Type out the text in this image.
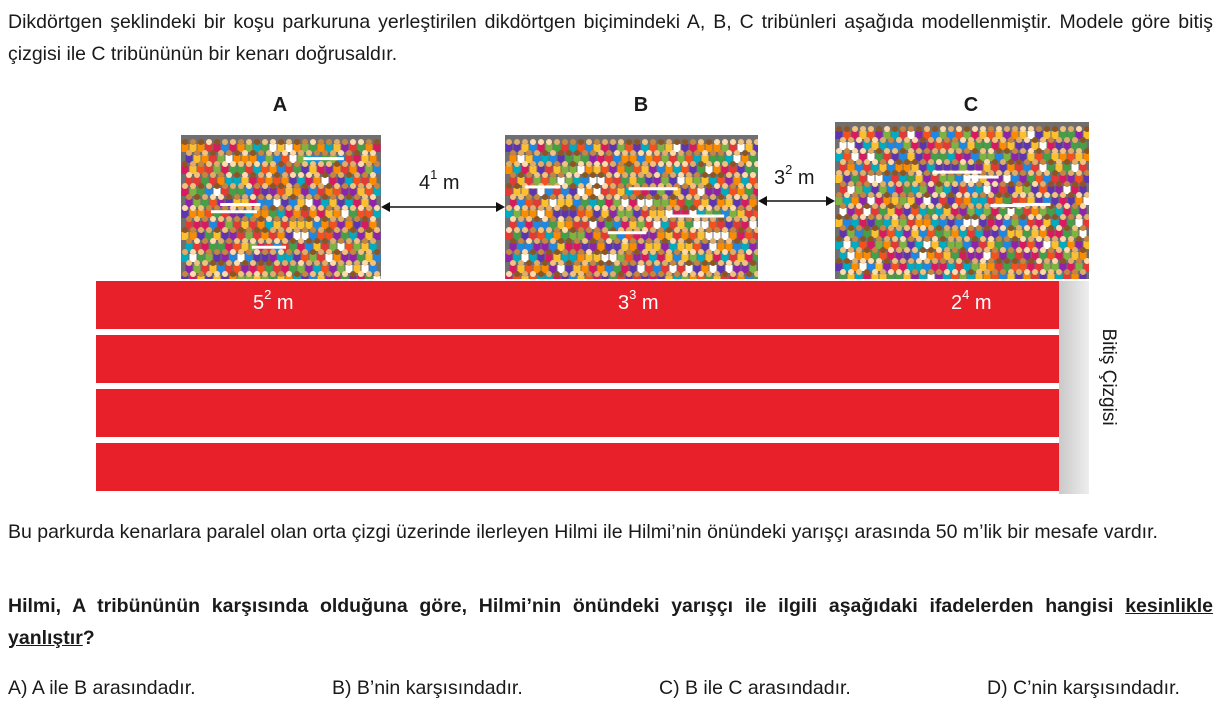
Dikdörtgen şeklindeki bir koşu parkuruna yerleştirilen dikdörtgen biçimindeki A, B, C tribünleri aşağıda modellenmiştir. Modele göre bitiş çizgisi ile C tribününün bir kenarı doğrusaldır.
A	B	C
$4^1$ m	$3^2$ m
$5^2$ m	$3^3$ m	$2^4$ m
Bitiş Çizgisi
Bu parkurda kenarlara paralel olan orta çizgi üzerinde ilerleyen Hilmi ile Hilmi’nin önündeki yarışçı arasında 50 m’lik bir mesafe vardır.
Hilmi, A tribününün karşısında olduğuna göre, Hilmi’nin önündeki yarışçı ile ilgili aşağıdaki ifadelerden hangisi kesinlikle yanlıştır?
A) A ile B arasındadır.	B) B’nin karşısındadır.	C) B ile C arasındadır.	D) C’nin karşısındadır.
